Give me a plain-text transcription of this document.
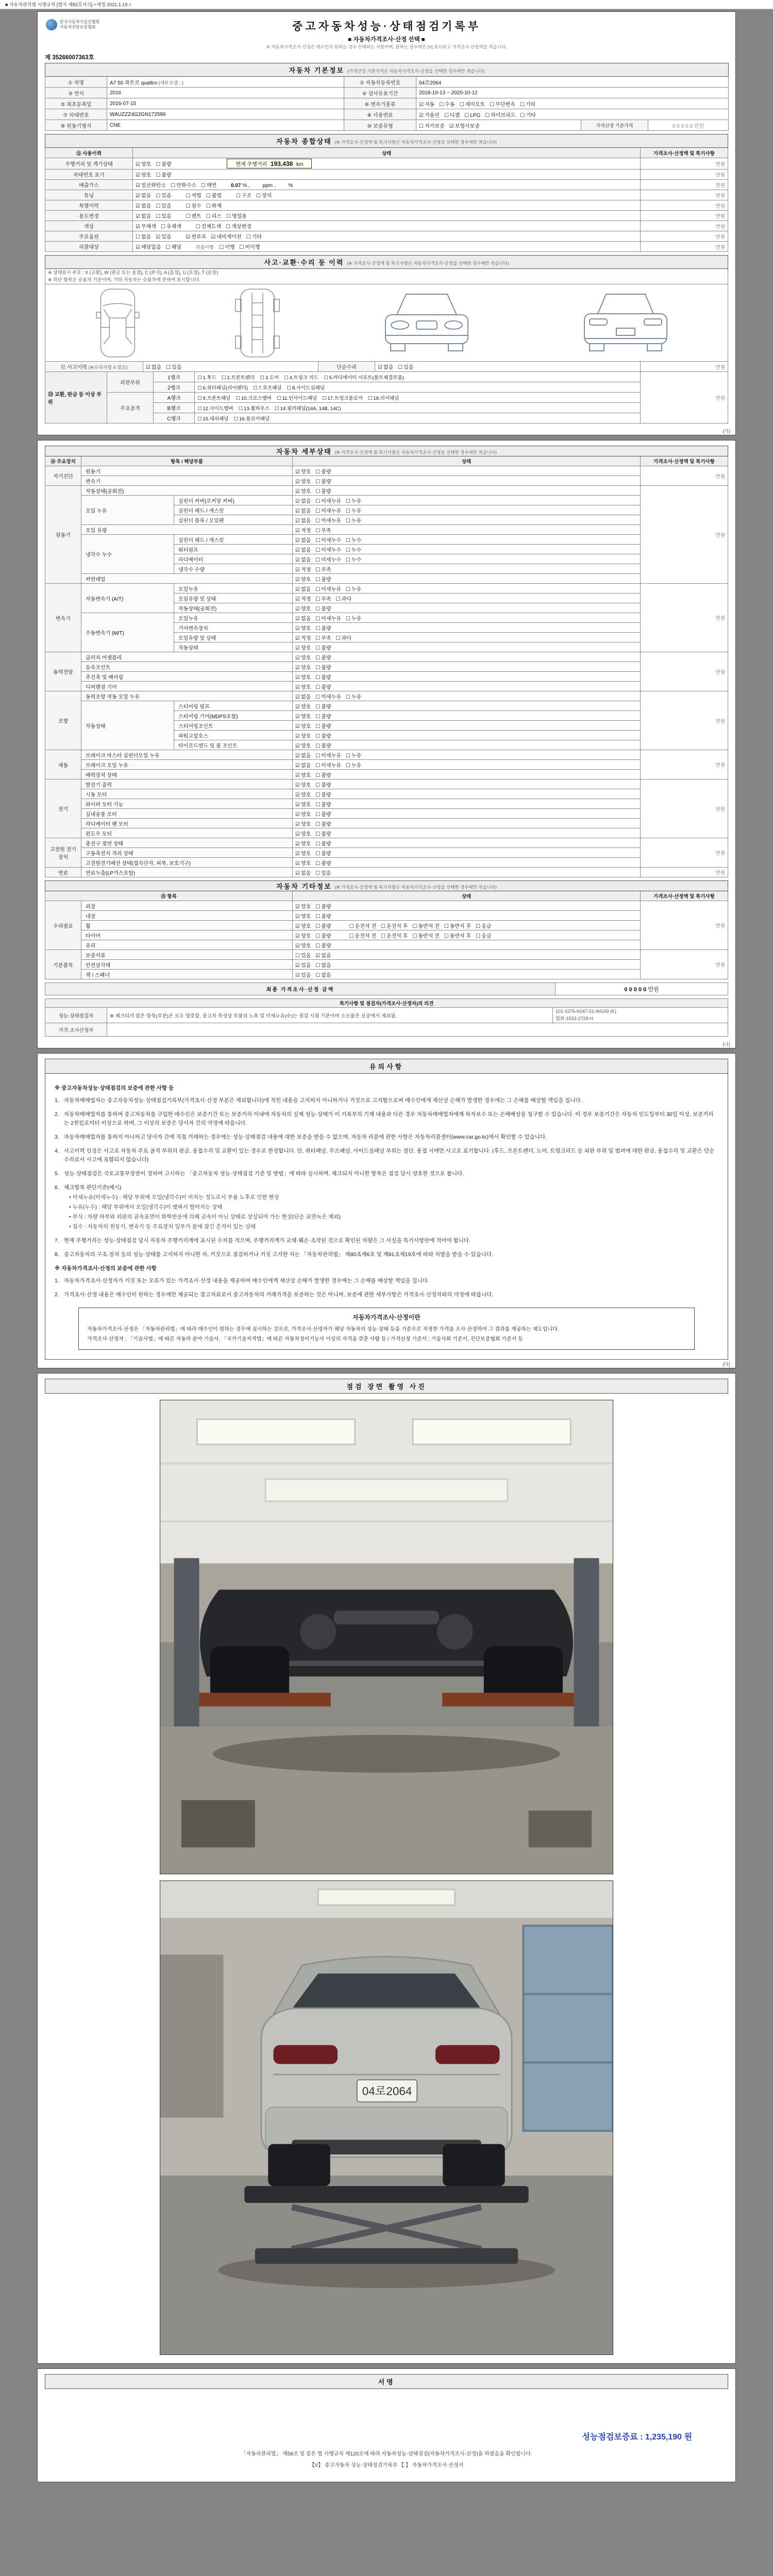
■ 자동차관리법 시행규칙 [별지 제82호서식] <개정 2021.1.19.>
한국자동차기술인협회
자동차진단보증협회	중고자동차성능·상태점검기록부
■ 자동차가격조사·산정 선택 ■
※ 자동차가격조사·산정은 매수인이 원하는 경우 선택하는 사항이며, 원하는 경우에만 [V] 표시하고 가격조사·산정액을 적습니다.
제 35266007363호
자동차 기본정보 (가격산정 기준가격은 자동차가격조사·산정을 선택한 경우에만 적습니다)					
① 차명	A7 50 콰트로 quattro (세부모델 : )	② 자동차등록번호	04로2064		
③ 연식	2016	④ 검사유효기간	2018-10-13 ~ 2020-10-12		
⑤ 최초등록일	2016-07-15	⑥ 변속기종류	☑ 자동 ☐ 수동 ☐ 세미오토 ☐ 무단변속 ☐ 기타		
⑦ 차대번호	WAUZZZ4G2GN172596	⑧ 사용연료	☑ 가솔린 ☐ 디젤 ☐ LPG ☐ 하이브리드 ☐ 기타		
⑨ 원동기형식	CNE	⑩ 보증유형	☐ 자가보증 ☑ 보험사보증	가격산정 기준가격	0 0 0 0 0 만원
자동차 종합상태 (※ 가격조사·산정액 및 특기사항은 자동차가격조사·산정을 선택한 경우에만 적습니다)		
⑪ 사용이력	상태	가격조사·산정액 및 특기사항
주행거리 및 계기상태	☑ 양호 ☐ 불량 현재 주행거리 193,438 km	만원
차대번호 표기	☑ 양호 ☐ 불량	만원
배출가스	☑ 일산화탄소 ☐ 탄화수소 ☐ 매연 0.07 % ,         ppm ,         %	만원
튜닝	☑ 없음 ☐ 있음 ☐ 적법 ☐ 불법 ☐ 구조 ☐ 장치	만원
특별이력	☑ 없음 ☐ 있음 ☐ 침수 ☐ 화재	만원
용도변경	☑ 없음 ☐ 있음 ☐ 렌트 ☐ 리스 ☐ 영업용	만원
색상	☑ 무채색 ☐ 유채색 ☐ 전체도색 ☐ 색상변경	만원
주요옵션	☐ 없음 ☑ 있음 ☑ 썬루프 ☑ 네비게이션 ☐ 기타	만원
리콜대상	☑ 해당없음 ☐ 해당 리콜이행 ☐ 이행 ☐ 미이행	만원
사고·교환·수리 등 이력 (※ 가격조사·산정액 및 특기사항은 자동차가격조사·산정을 선택한 경우에만 적습니다)

※ 상태표시 부호 : X (교환), W (판금 또는 용접), C (부식), A (흠집), U (요철), T (손상)
※ 하단 항목은 승용차 기준이며, 기타 자동차는 승용차에 준하여 표시합니다.

⑫ 사고이력 (※유의사항 4 참조)	☑ 없음 ☐ 있음	단순수리	☑ 없음 ☐ 있음	만원
⑬ 교환, 판금 등 이상 부위	외판부위	1랭크	☐ 1.후드 ☐ 2.프론트펜더 ☐ 3.도어 ☐ 4.트렁크 리드 ☐ 5.라디에이터 서포트(볼트체결부품)	만원
		2랭크	☐ 6.쿼터패널(리어펜더) ☐ 7.루프패널 ☐ 8.사이드실패널	
	주요골격	A랭크	☐ 9.프론트패널 ☐ 10.크로스멤버 ☐ 11.인사이드패널 ☐ 17.트렁크플로어 ☐ 18.리어패널	
		B랭크	☐ 12.사이드멤버 ☐ 13.휠하우스 ☐ 14.필러패널(14A, 14B, 14C)	
		C랭크	☐ 15.대쉬패널 ☐ 16.플로어패널	
(가)
자동차 세부상태 (※ 가격조사·산정액 및 특기사항은 자동차가격조사·산정을 선택한 경우에만 적습니다)				
⑭ 주요장치	항목 / 해당부품		상태	가격조사·산정액 및 특기사항
자기진단	원동기		☑ 양호 ☐ 불량	만원
	변속기		☑ 양호 ☐ 불량	
원동기	작동상태(공회전)		☑ 양호 ☐ 불량	만원
	오일 누유	실린더 커버(로커암 커버)	☑ 없음 ☐ 미세누유 ☐ 누유	
		실린더 헤드 / 개스킷	☑ 없음 ☐ 미세누유 ☐ 누유	
		실린더 블록 / 오일팬	☑ 없음 ☐ 미세누유 ☐ 누유	
	오일 유량		☑ 적정 ☐ 부족	
	냉각수 누수	실린더 헤드 / 개스킷	☑ 없음 ☐ 미세누수 ☐ 누수	
		워터펌프	☑ 없음 ☐ 미세누수 ☐ 누수	
		라디에이터	☑ 없음 ☐ 미세누수 ☐ 누수	
		냉각수 수량	☑ 적정 ☐ 부족	
	커먼레일		☑ 양호 ☐ 불량	
변속기	자동변속기 (A/T)	오일누유	☑ 없음 ☐ 미세누유 ☐ 누유	만원
		오일유량 및 상태	☑ 적정 ☐ 부족 ☐ 과다	
		작동상태(공회전)	☑ 양호 ☐ 불량	
	수동변속기 (M/T)	오일누유	☑ 없음 ☐ 미세누유 ☐ 누유	
		기어변속장치	☑ 양호 ☐ 불량	
		오일유량 및 상태	☑ 적정 ☐ 부족 ☐ 과다	
		작동상태	☑ 양호 ☐ 불량	
동력전달	클러치 어셈블리		☑ 양호 ☐ 불량	만원
	등속조인트		☑ 양호 ☐ 불량	
	추진축 및 베어링		☑ 양호 ☐ 불량	
	디퍼렌셜 기어		☑ 양호 ☐ 불량	
조향	동력조향 작동 오일 누유		☑ 없음 ☐ 미세누유 ☐ 누유	만원
	작동상태	스티어링 펌프	☑ 양호 ☐ 불량	
		스티어링 기어(MDPS포함)	☑ 양호 ☐ 불량	
		스티어링조인트	☑ 양호 ☐ 불량	
		파워고압호스	☑ 양호 ☐ 불량	
		타이로드엔드 및 볼 조인트	☑ 양호 ☐ 불량	
제동	브레이크 마스터 실린더오일 누유		☑ 없음 ☐ 미세누유 ☐ 누유	만원
	브레이크 오일 누유		☑ 없음 ☐ 미세누유 ☐ 누유	
	배력장치 상태		☑ 양호 ☐ 불량	
전기	발전기 출력		☑ 양호 ☐ 불량	만원
	시동 모터		☑ 양호 ☐ 불량	
	와이퍼 모터 기능		☑ 양호 ☐ 불량	
	실내송풍 모터		☑ 양호 ☐ 불량	
	라디에이터 팬 모터		☑ 양호 ☐ 불량	
	윈도우 모터		☑ 양호 ☐ 불량	
고전원 전기장치	충전구 절연 상태		☑ 양호 ☐ 불량	만원
	구동축전지 격리 상태		☑ 양호 ☐ 불량	
	고전원전기배선 상태(접속단자, 피복, 보호기구)		☑ 양호 ☐ 불량	
연료	연료누출(LP가스포함)		☑ 없음 ☐ 있음	만원
자동차 기타정보 (※ 가격조사·산정액 및 특기사항은 자동차가격조사·산정을 선택한 경우에만 적습니다)			
⑮ 항목		상태	가격조사·산정액 및 특기사항
수리필요	외장	☑ 양호 ☐ 불량	만원
	내장	☑ 양호 ☐ 불량	
	휠	☑ 양호 ☐ 불량 ☐ 운전석 전 ☐ 운전석 후 ☐ 동반석 전 ☐ 동반석 후 ☐ 응급	
	타이어	☑ 양호 ☐ 불량 ☐ 운전석 전 ☐ 운전석 후 ☐ 동반석 전 ☐ 동반석 후 ☐ 응급	
	유리	☑ 양호 ☐ 불량	
기본품목	보증서류	☐ 있음 ☑ 없음	만원
	안전삼각대	☑ 있음 ☐ 없음	
	잭 / 스패너	☑ 있음 ☐ 없음	
최종 가격조사·산정 금액	0 0 0 0 0 만원
특기사항 및 점검자(가격조사·산정자)의 의견		
성능·상태점검자	※ 체크되지 않은 항목(부분)은 모두 양호함. 중고차 특성상 부품의 노후 및 미세누유(수)는 점검 시점 기준이며 소모품은 보증에서 제외됨.	101-0376-K047-51-WG49 (K)
협회-1533-2729-H

가격·조사산정자		
(나)
유의사항
※ 중고자동차성능·상태점검의 보증에 관한 사항 등
1. 자동차매매업자는 중고자동차성능·상태점검기록부(가격조사·산정 부분은 제외합니다)에 적힌 내용을 고지하지 아니하거나 거짓으로 고지함으로써 매수인에게 재산상 손해가 발생한 경우에는 그 손해를 배상할 책임을 집니다.
2. 자동차매매업자를 통하여 중고자동차를 구입한 매수인은 보증기간 또는 보증거리 이내에 자동차의 실제 성능·상태가 이 기록부의 기재 내용과 다른 경우 자동차매매업자에게 하자보수 또는 손해배상을 청구할 수 있습니다. 이 경우 보증기간은 자동차 인도일부터 30일 이상, 보증거리는 2천킬로미터 이상으로 하며, 그 이상의 보증은 당사자 간의 약정에 따릅니다.
3. 자동차매매업자를 통하지 아니하고 당사자 간에 직접 거래하는 경우에는 성능·상태점검 내용에 대한 보증을 받을 수 없으며, 자동차 리콜에 관한 사항은 자동차리콜센터(www.car.go.kr)에서 확인할 수 있습니다.
4. 사고이력 인정은 사고로 자동차 주요 골격 부위의 판금, 용접수리 및 교환이 있는 경우로 한정합니다. 단, 쿼터패널, 루프패널, 사이드실패널 부위는 절단, 용접 시에만 사고로 표기합니다. (후드, 프론트펜더, 도어, 트렁크리드 등 외판 부위 및 범퍼에 대한 판금, 용접수리 및 교환은 단순수리로서 사고에 포함되지 않습니다)
5. 성능·상태점검은 국토교통부장관이 정하여 고시하는 「중고자동차 성능·상태점검 기준 및 방법」에 따라 실시하며, 체크되지 아니한 항목은 점검 당시 양호한 것으로 봅니다.
6. 체크항목 판단기준(예시)
• 미세누유(미세누수) : 해당 부위에 오일(냉각수)이 비치는 정도로서 부품 노후로 인한 현상
• 누유(누수) : 해당 부위에서 오일(냉각수)이 맺혀서 떨어지는 상태
• 부식 : 차량 하부와 외판의 금속표면이 화학반응에 의해 금속이 아닌 상태로 상실되어 가는 현상(단순 표면녹은 제외)
• 침수 : 자동차의 원동기, 변속기 등 주요장치 일부가 물에 잠긴 흔적이 있는 상태
7. 현재 주행거리는 성능·상태점검 당시 자동차 주행거리계에 표시된 수치를 적으며, 주행거리계가 교체·훼손·조작된 것으로 확인된 차량은 그 사실을 특기사항란에 적어야 합니다.
8. 중고자동차의 구조·장치 등의 성능·상태를 고지하지 아니한 자, 거짓으로 점검하거나 거짓 고지한 자는 「자동차관리법」 제80조제6호 및 제81조제19호에 따라 처벌을 받을 수 있습니다.
※ 자동차가격조사·산정의 보증에 관한 사항
1. 자동차가격조사·산정자가 거짓 또는 오류가 있는 가격조사·산정 내용을 제공하여 매수인에게 재산상 손해가 발생한 경우에는 그 손해를 배상할 책임을 집니다.
2. 가격조사·산정 내용은 매수인이 원하는 경우에만 제공되는 참고자료로서 중고자동차의 거래가격을 보증하는 것은 아니며, 보증에 관한 세부사항은 가격조사·산정자와의 약정에 따릅니다.
자동차가격조사·산정이란
자동차가격조사·산정은 「자동차관리법」에 따라 매수인이 원하는 경우에 실시하는 것으로, 가격조사·산정자가 해당 자동차의 성능·상태 등을 기준으로 적정한 가격을 조사·산정하여 그 결과를 제공하는 제도입니다.
가격조사·산정자 : 「기술사법」에 따른 자동차 분야 기술사, 「국가기술자격법」에 따른 자동차정비기능사 이상의 자격을 갖춘 사람 등 / 가격산정 기준서 : 기술사회 기준서, 진단보증협회 기준서 등
(다)
점검 장면 촬영 사진
04로2064
서명
성능점검보증료 : 1,235,190 원
「자동차관리법」 제58조 및 같은 법 시행규칙 제120조에 따라 자동차성능·상태점검(자동차가격조사·산정)을 하였음을 확인합니다.
【V】 중고자동차 성능·상태점검기록부 【 】 자동차가격조사·산정서
